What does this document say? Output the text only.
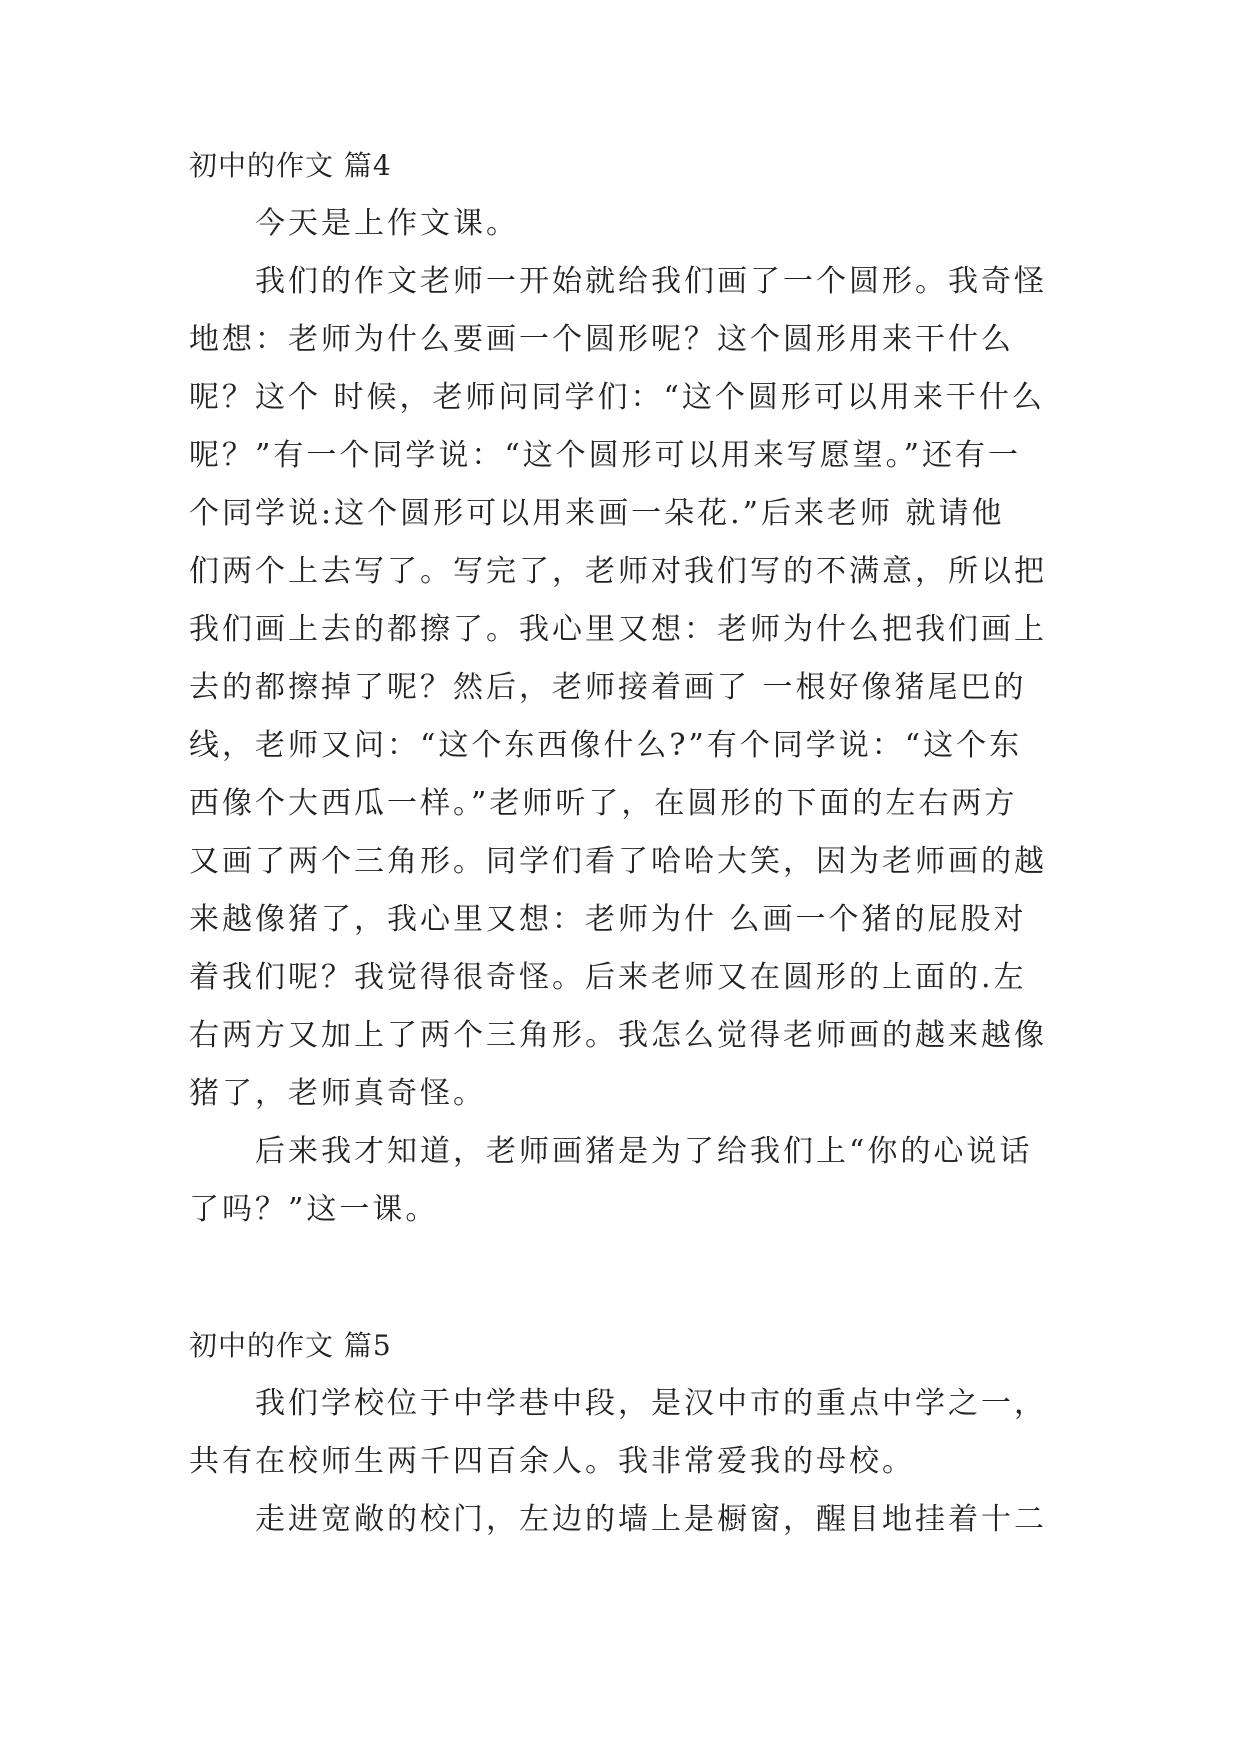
初中的作文 篇4
今天是上作文课。
我们的作文老师一开始就给我们画了一个圆形。我奇怪
地想：老师为什么要画一个圆形呢？这个圆形用来干什么
呢？这个 时候，老师问同学们：“这个圆形可以用来干什么
呢？”有一个同学说：“这个圆形可以用来写愿望。”还有一
个同学说:这个圆形可以用来画一朵花.”后来老师 就请他
们两个上去写了。写完了，老师对我们写的不满意，所以把
我们画上去的都擦了。我心里又想：老师为什么把我们画上
去的都擦掉了呢？然后，老师接着画了 一根好像猪尾巴的
线，老师又问：“这个东西像什么?”有个同学说：“这个东
西像个大西瓜一样。”老师听了，在圆形的下面的左右两方
又画了两个三角形。同学们看了哈哈大笑，因为老师画的越
来越像猪了，我心里又想：老师为什 么画一个猪的屁股对
着我们呢？我觉得很奇怪。后来老师又在圆形的上面的.左
右两方又加上了两个三角形。我怎么觉得老师画的越来越像
猪了，老师真奇怪。
后来我才知道，老师画猪是为了给我们上“你的心说话
了吗？”这一课。
初中的作文 篇5
我们学校位于中学巷中段，是汉中市的重点中学之一，
共有在校师生两千四百余人。我非常爱我的母校。
走进宽敞的校门，左边的墙上是橱窗，醒目地挂着十二
